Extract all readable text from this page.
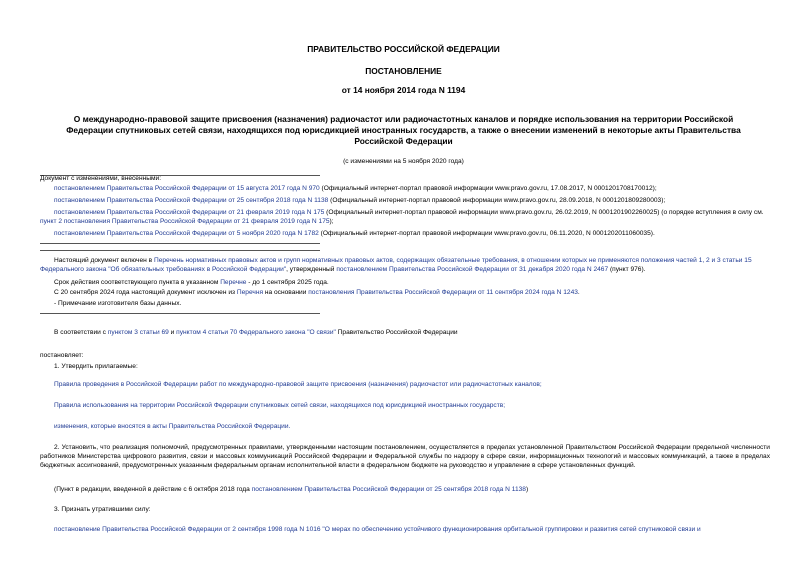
ПРАВИТЕЛЬСТВО РОССИЙСКОЙ ФЕДЕРАЦИИ
ПОСТАНОВЛЕНИЕ
от 14 ноября 2014 года N 1194
О международно-правовой защите присвоения (назначения) радиочастот или радиочастотных каналов и порядке использования на территории Российской Федерации спутниковых сетей связи, находящихся под юрисдикцией иностранных государств, а также о внесении изменений в некоторые акты Правительства Российской Федерации
(с изменениями на 5 ноября 2020 года)

Документ с изменениями, внесенными:

постановлением Правительства Российской Федерации от 15 августа 2017 года N 970 (Официальный интернет-портал правовой информации www.pravo.gov.ru, 17.08.2017, N 0001201708170012);

постановлением Правительства Российской Федерации от 25 сентября 2018 года N 1138 (Официальный интернет-портал правовой информации www.pravo.gov.ru, 28.09.2018, N 0001201809280003);

постановлением Правительства Российской Федерации от 21 февраля 2019 года N 175 (Официальный интернет-портал правовой информации www.pravo.gov.ru, 26.02.2019, N 0001201902260025) (о порядке вступления в силу см. пункт 2 постановления Правительства Российской Федерации от 21 февраля 2019 года N 175);

постановлением Правительства Российской Федерации от 5 ноября 2020 года N 1782 (Официальный интернет-портал правовой информации www.pravo.gov.ru, 06.11.2020, N 0001202011060035).

Настоящий документ включен в Перечень нормативных правовых актов и групп нормативных правовых актов, содержащих обязательные требования, в отношении которых не применяются положения частей 1, 2 и 3 статьи 15 Федерального закона "Об обязательных требованиях в Российской Федерации", утвержденный постановлением Правительства Российской Федерации от 31 декабря 2020 года N 2467 (пункт 976).

Срок действия соответствующего пункта в указанном Перечне - до 1 сентября 2025 года.

С 20 сентября 2024 года настоящий документ исключен из Перечня на основании постановления Правительства Российской Федерации от 11 сентября 2024 года N 1243.

- Примечание изготовителя базы данных.

В соответствии с пунктом 3 статьи 69 и пунктом 4 статьи 70 Федерального закона "О связи" Правительство Российской Федерации

постановляет:

1. Утвердить прилагаемые:

Правила проведения в Российской Федерации работ по международно-правовой защите присвоения (назначения) радиочастот или радиочастотных каналов;

Правила использования на территории Российской Федерации спутниковых сетей связи, находящихся под юрисдикцией иностранных государств;

изменения, которые вносятся в акты Правительства Российской Федерации.

2. Установить, что реализация полномочий, предусмотренных правилами, утвержденными настоящим постановлением, осуществляется в пределах установленной Правительством Российской Федерации предельной численности работников Министерства цифрового развития, связи и массовых коммуникаций Российской Федерации и Федеральной службы по надзору в сфере связи, информационных технологий и массовых коммуникаций, а также в пределах бюджетных ассигнований, предусмотренных указанным федеральным органам исполнительной власти в федеральном бюджете на руководство и управление в сфере установленных функций.

(Пункт в редакции, введенной в действие с 6 октября 2018 года постановлением Правительства Российской Федерации от 25 сентября 2018 года N 1138)

3. Признать утратившими силу:

постановление Правительства Российской Федерации от 2 сентября 1998 года N 1016 "О мерах по обеспечению устойчивого функционирования орбитальной группировки и развития сетей спутниковой связи и
